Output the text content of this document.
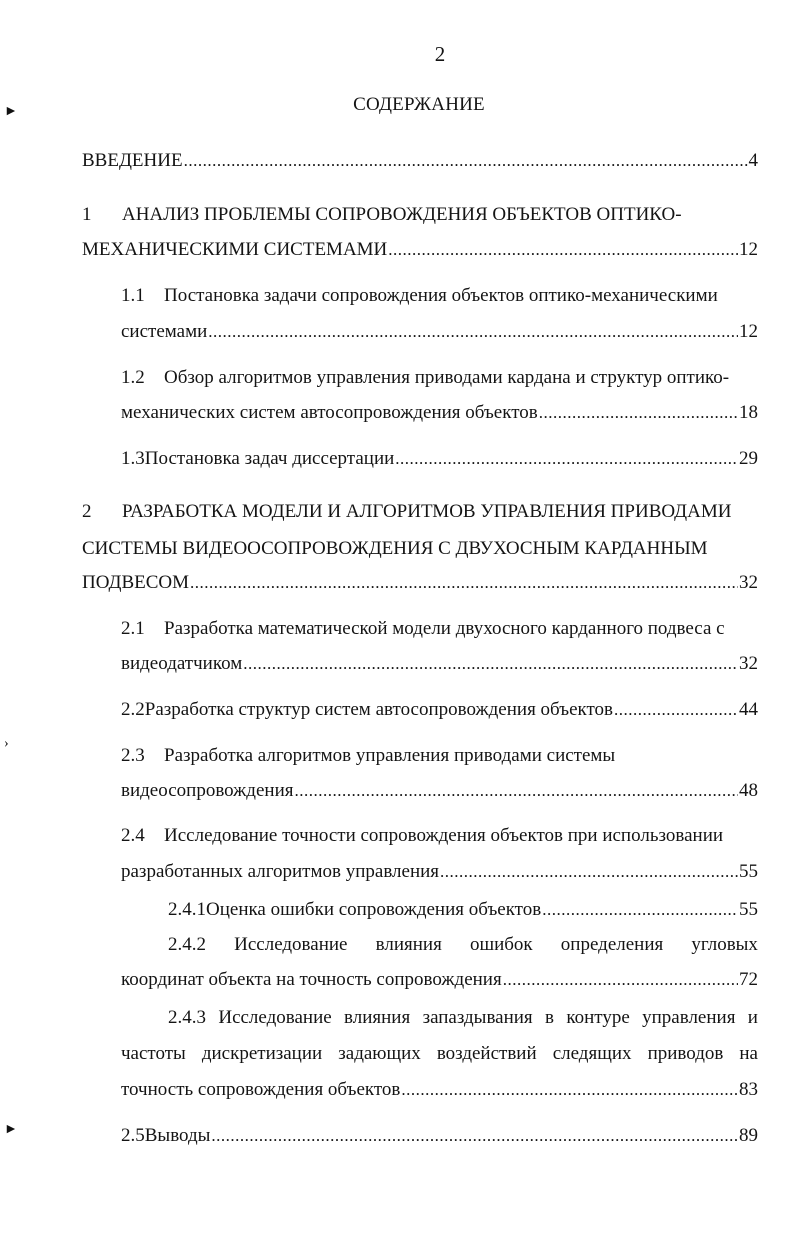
2
СОДЕРЖАНИЕ
►
›
►
ВВЕДЕНИЕ .....	4
1	АНАЛИЗ ПРОБЛЕМЫ СОПРОВОЖДЕНИЯ ОБЪЕКТОВ ОПТИКО-
МЕХАНИЧЕСКИМИ СИСТЕМАМИ .....	12
1.1	Постановка задачи сопровождения объектов оптико-механическими
системами .....	12
1.2	Обзор алгоритмов управления приводами кардана и структур оптико-
механических систем автосопровождения объектов .....	18
1.3 Постановка задач диссертации .....	29
2	РАЗРАБОТКА МОДЕЛИ И АЛГОРИТМОВ УПРАВЛЕНИЯ ПРИВОДАМИ
СИСТЕМЫ ВИДЕООСОПРОВОЖДЕНИЯ С ДВУХОСНЫМ КАРДАННЫМ
ПОДВЕСОМ .....	32
2.1	Разработка математической модели двухосного карданного подвеса с
видеодатчиком .....	32
2.2 Разработка структур систем автосопровождения объектов .....	44
2.3	Разработка алгоритмов управления приводами системы
видеосопровождения .....	48
2.4	Исследование точности сопровождения объектов при использовании
разработанных алгоритмов управления .....	55
2.4.1 Оценка ошибки сопровождения объектов .....	55
2.4.2 Исследование влияния ошибок определения угловых
координат объекта на точность сопровождения .....	72
2.4.3 Исследование влияния запаздывания в контуре управления и
частоты дискретизации задающих воздействий следящих приводов на
точность сопровождения объектов .....	83
2.5 Выводы .....	89
